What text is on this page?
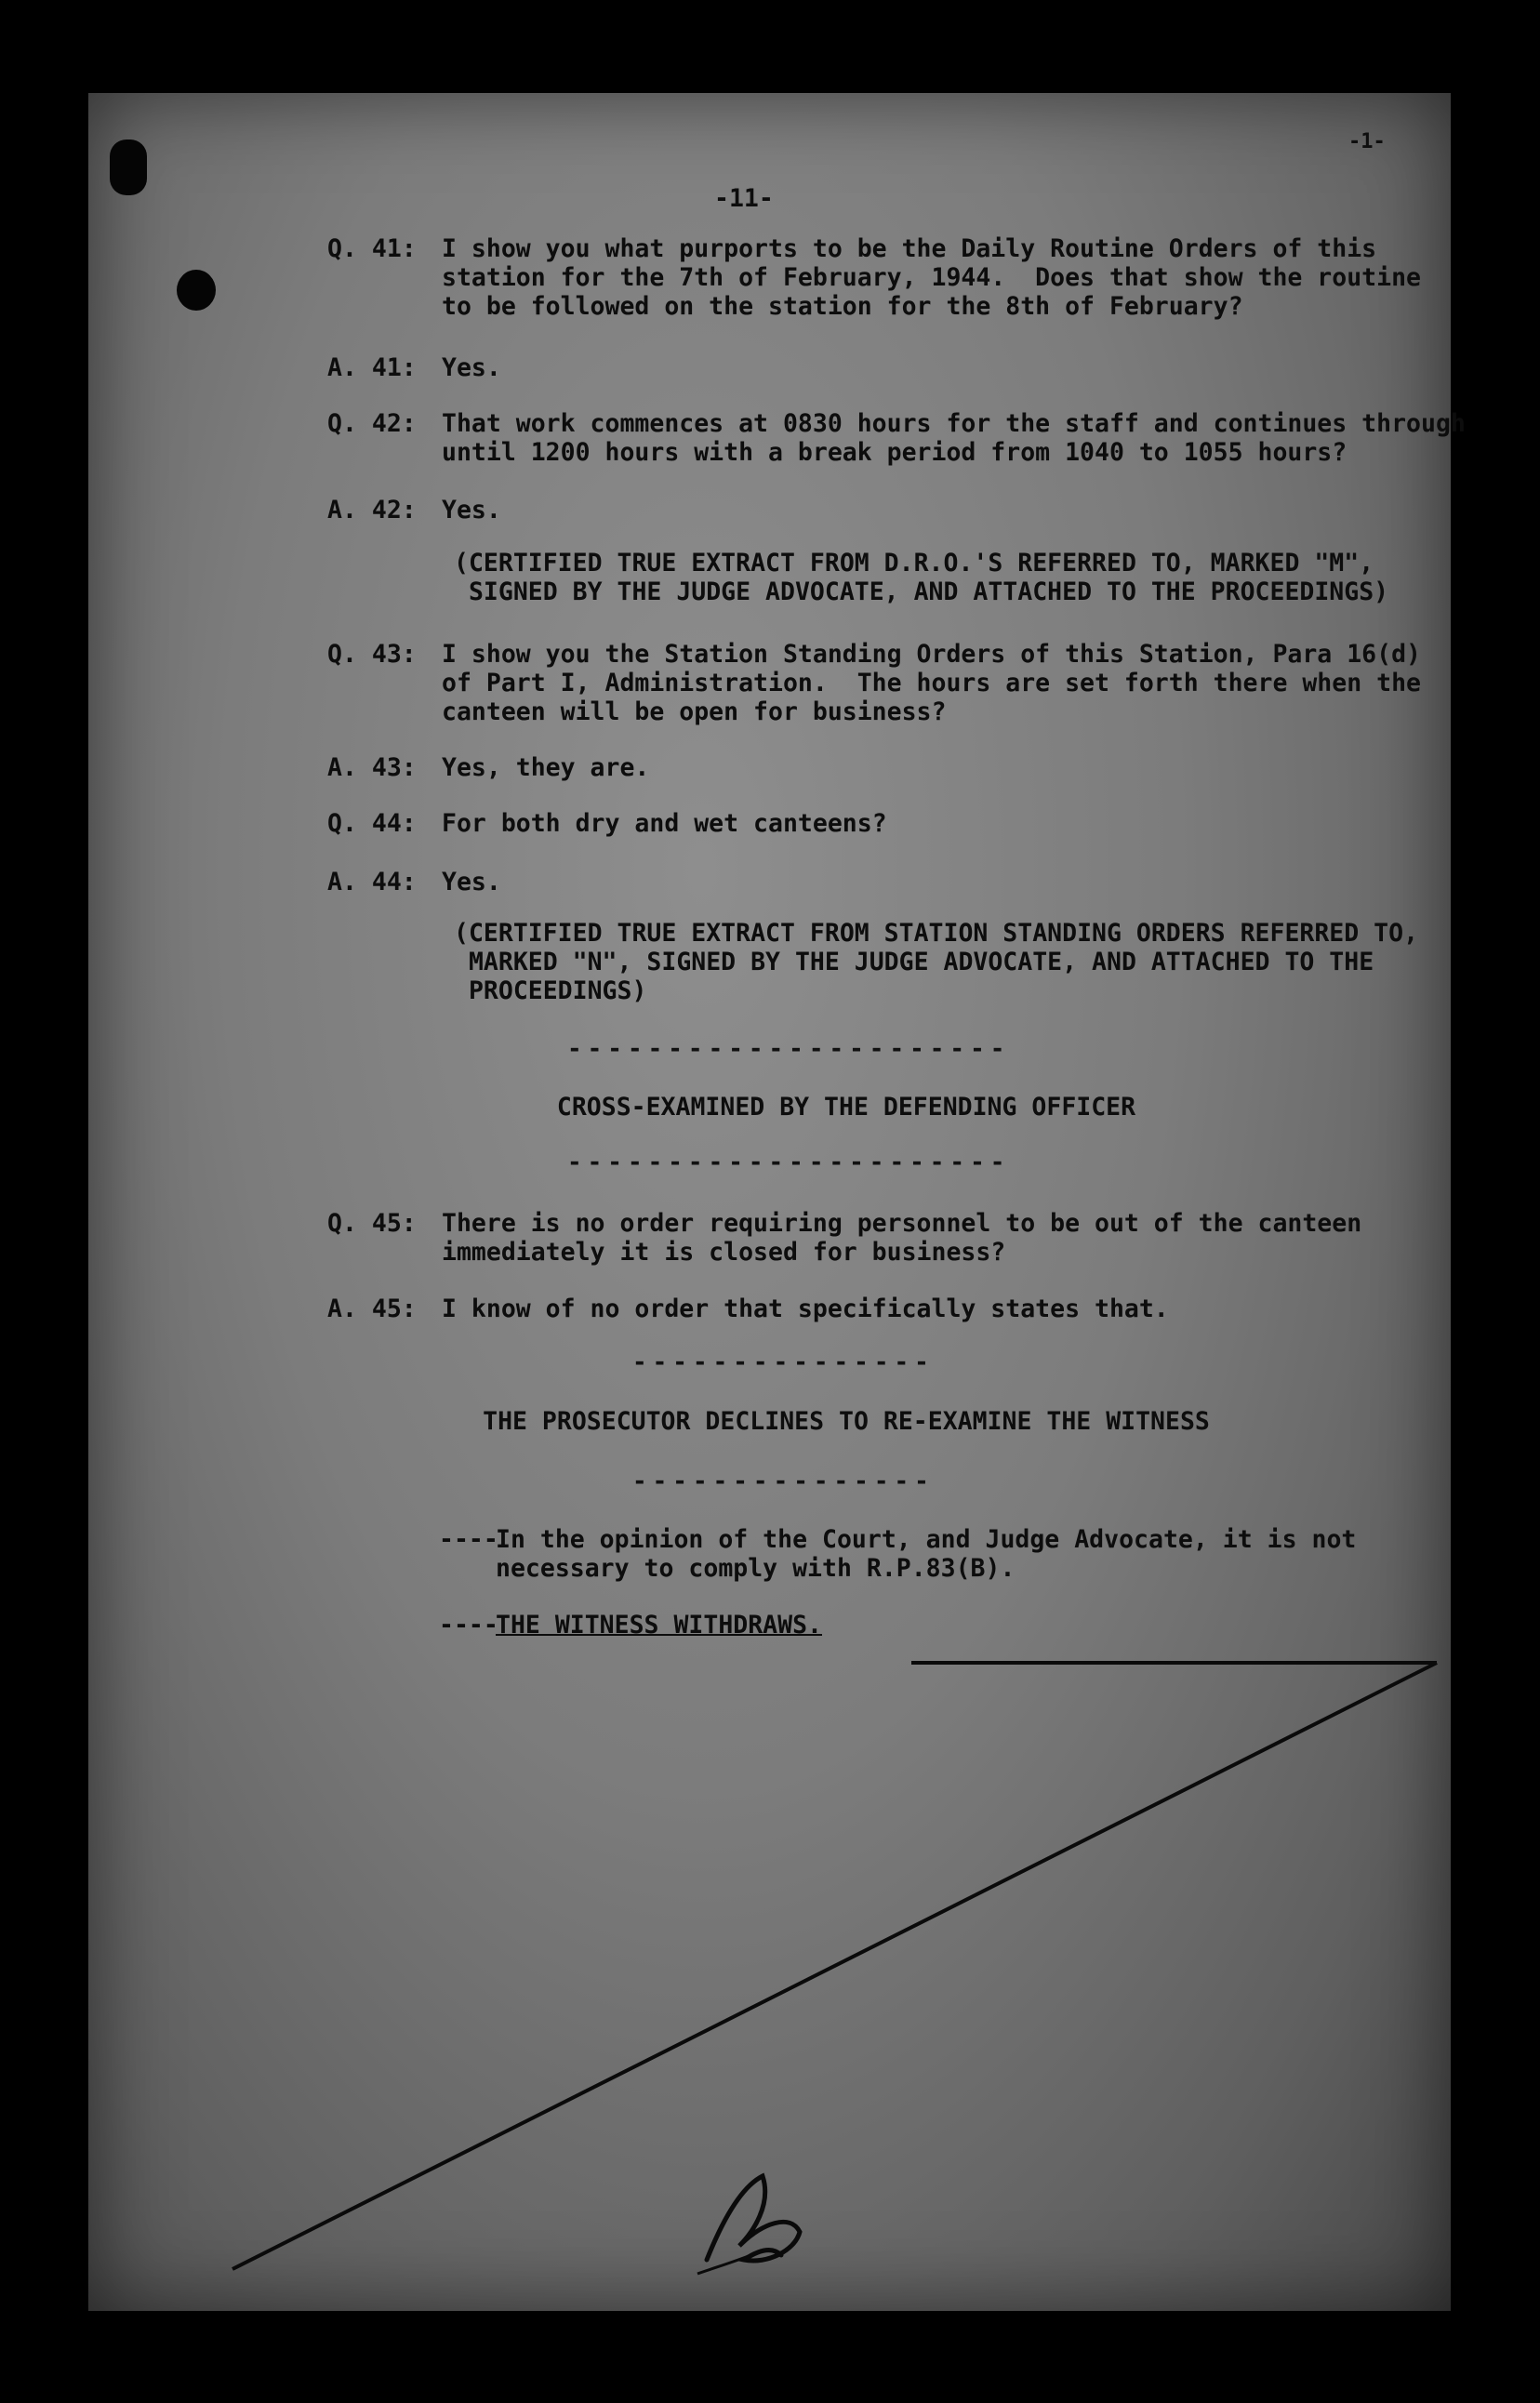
-1-
-11-
Q. 41: I show you what purports to be the Daily Routine Orders of this
station for the 7th of February, 1944.  Does that show the routine
to be followed on the station for the 8th of February?
A. 41: Yes.
Q. 42: That work commences at 0830 hours for the staff and continues through
until 1200 hours with a break period from 1040 to 1055 hours?
A. 42: Yes.
(CERTIFIED TRUE EXTRACT FROM D.R.O.'S REFERRED TO, MARKED "M",
SIGNED BY THE JUDGE ADVOCATE, AND ATTACHED TO THE PROCEEDINGS)
Q. 43: I show you the Station Standing Orders of this Station, Para 16(d)
of Part I, Administration.  The hours are set forth there when the
canteen will be open for business?
A. 43: Yes, they are.
Q. 44: For both dry and wet canteens?
A. 44: Yes.
(CERTIFIED TRUE EXTRACT FROM STATION STANDING ORDERS REFERRED TO,
MARKED "N", SIGNED BY THE JUDGE ADVOCATE, AND ATTACHED TO THE
PROCEEDINGS)
----------------------
CROSS-EXAMINED BY THE DEFENDING OFFICER
----------------------
Q. 45: There is no order requiring personnel to be out of the canteen
immediately it is closed for business?
A. 45: I know of no order that specifically states that.
---------------
THE PROSECUTOR DECLINES TO RE-EXAMINE THE WITNESS
---------------
----
In the opinion of the Court, and Judge Advocate, it is not
necessary to comply with R.P.83(B).
----
THE WITNESS WITHDRAWS.
